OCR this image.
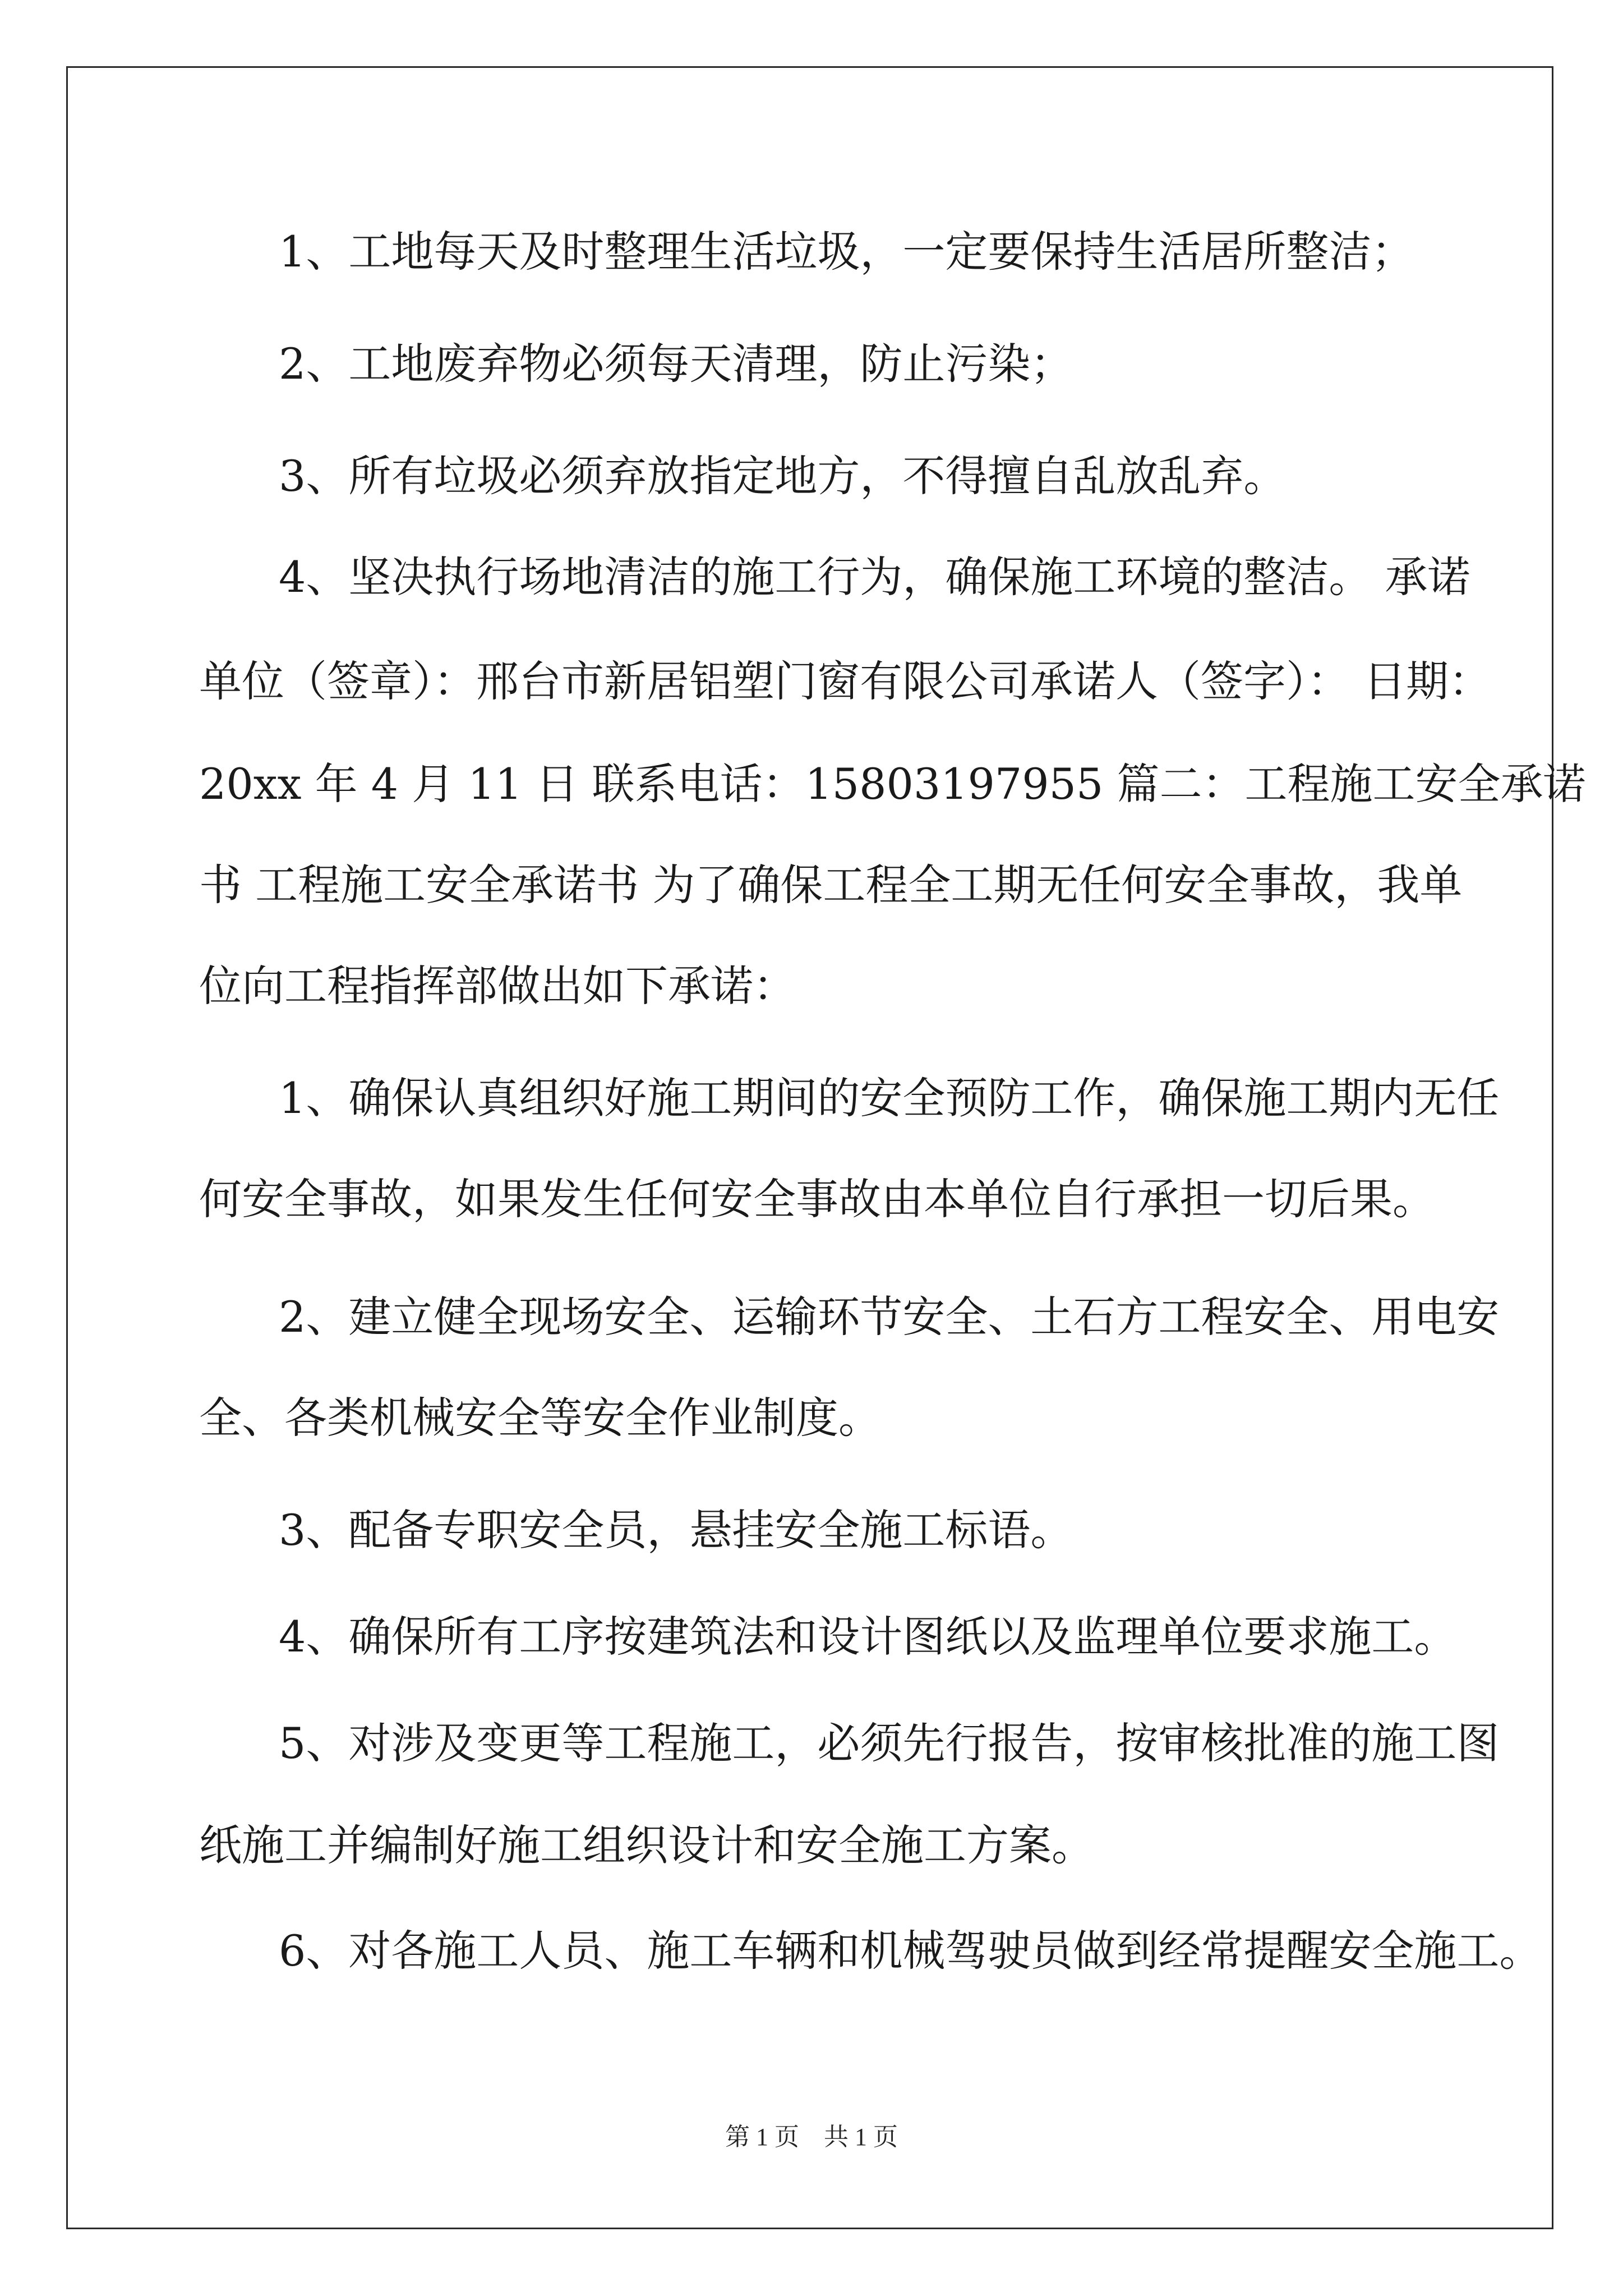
1、工地每天及时整理生活垃圾，一定要保持生活居所整洁；
2、工地废弃物必须每天清理，防止污染；
3、所有垃圾必须弃放指定地方，不得擅自乱放乱弃。
4、坚决执行场地清洁的施工行为，确保施工环境的整洁。 承诺
单位（签章）：邢台市新居铝塑门窗有限公司承诺人（签字）： 日期：
20xx 年 4 月 11 日 联系电话：15803197955 篇二：工程施工安全承诺
书 工程施工安全承诺书 为了确保工程全工期无任何安全事故，我单
位向工程指挥部做出如下承诺：
1、确保认真组织好施工期间的安全预防工作，确保施工期内无任
何安全事故，如果发生任何安全事故由本单位自行承担一切后果。
2、建立健全现场安全、运输环节安全、土石方工程安全、用电安
全、各类机械安全等安全作业制度。
3、配备专职安全员，悬挂安全施工标语。
4、确保所有工序按建筑法和设计图纸以及监理单位要求施工。
5、对涉及变更等工程施工，必须先行报告，按审核批准的施工图
纸施工并编制好施工组织设计和安全施工方案。
6、对各施工人员、施工车辆和机械驾驶员做到经常提醒安全施工。
第 1 页　共 1 页
